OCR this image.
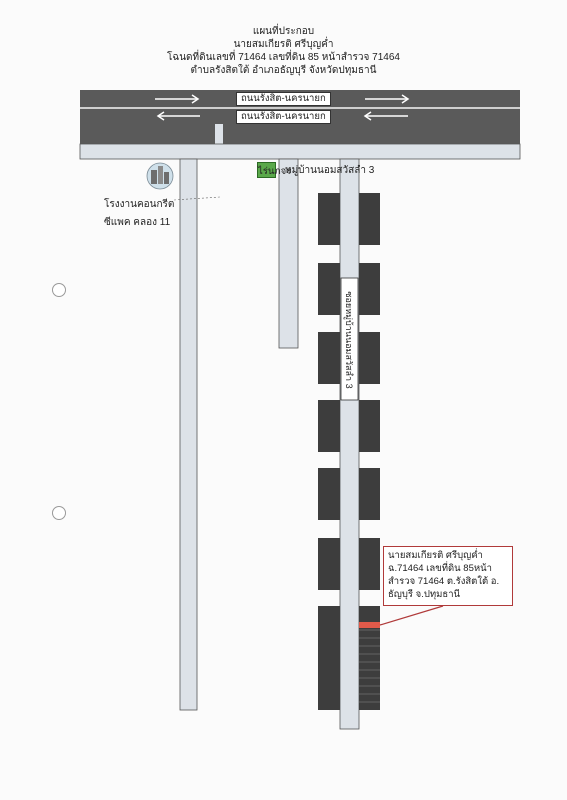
แผนที่ประกอบ
นายสมเกียรติ ศรีบุญค่ำ
โฉนดที่ดินเลขที่ 71464 เลขที่ดิน 85 หน้าสำรวจ 71464
ตำบลรังสิตใต้ อำเภอธัญบุรี จังหวัดปทุมธานี
ถนนรังสิต-นครนายก
ถนนรังสิต-นครนายก
ซอยหมู่บ้านนอมสวัสลำ 3
ไร่นภจร
หมู่บ้านนอมสวัสลำ 3
โรงงานคอนกรีต
ซีแพค คลอง 11
นายสมเกียรติ ศรีบุญค่ำ
ฉ.71464 เลขที่ดิน 85หน้า
สำรวจ 71464 ต.รังสิตใต้ อ.
ธัญบุรี จ.ปทุมธานี
